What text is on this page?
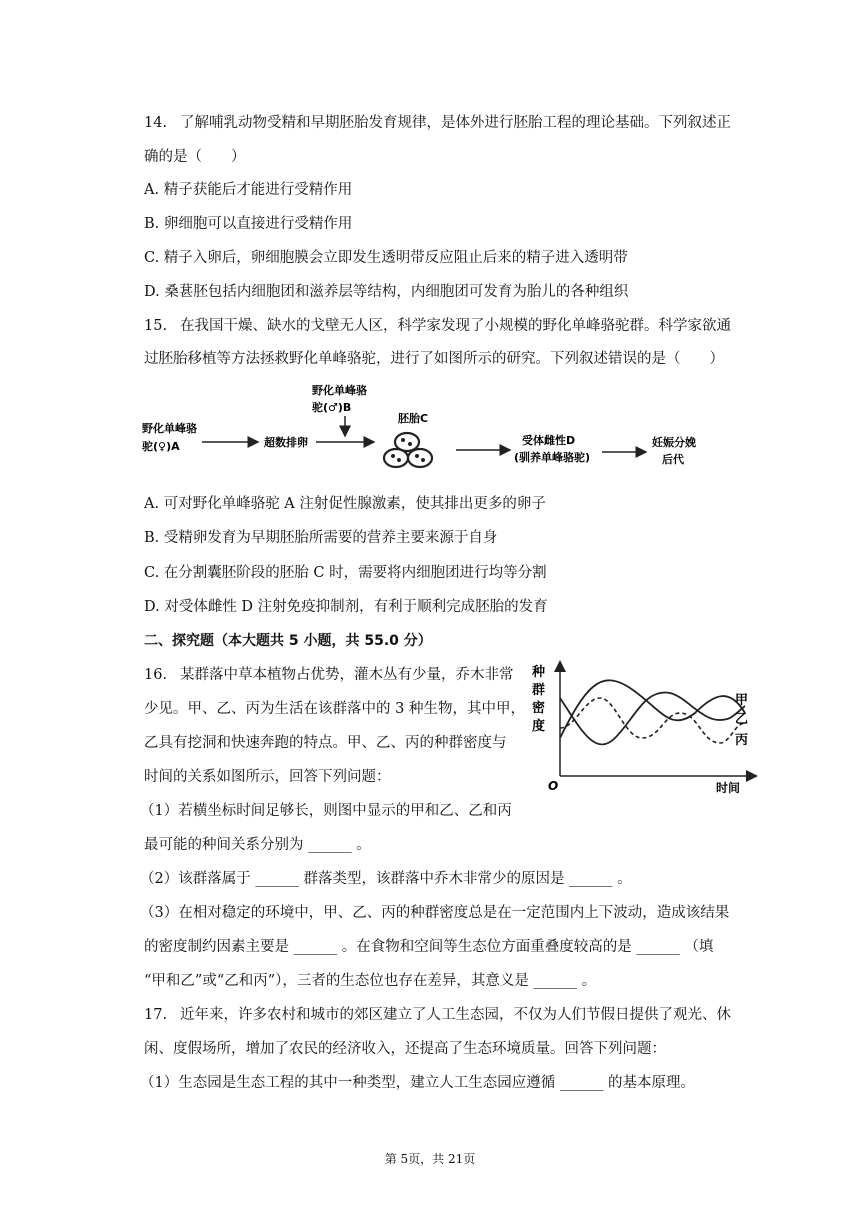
14. 了解哺乳动物受精和早期胚胎发育规律，是体外进行胚胎工程的理论基础。下列叙述正
确的是（　　）
A. 精子获能后才能进行受精作用
B. 卵细胞可以直接进行受精作用
C. 精子入卵后，卵细胞膜会立即发生透明带反应阻止后来的精子进入透明带
D. 桑葚胚包括内细胞团和滋养层等结构，内细胞团可发育为胎儿的各种组织
15. 在我国干燥、缺水的戈壁无人区，科学家发现了小规模的野化单峰骆驼群。科学家欲通
过胚胎移植等方法拯救野化单峰骆驼，进行了如图所示的研究。下列叙述错误的是（　　）
野化单峰骆
驼(♀)A	超数排卵
野化单峰骆
驼(♂)B
胚胎C
受体雌性D
(驯养单峰骆驼)
妊娠分娩
后代
A. 可对野化单峰骆驼 A 注射促性腺激素，使其排出更多的卵子
B. 受精卵发育为早期胚胎所需要的营养主要来源于自身
C. 在分割囊胚阶段的胚胎 C 时，需要将内细胞团进行均等分割
D. 对受体雌性 D 注射免疫抑制剂，有利于顺利完成胚胎的发育
二、探究题（本大题共 5 小题，共 55.0 分）
16. 某群落中草本植物占优势，灌木丛有少量，乔木非常
少见。甲、乙、丙为生活在该群落中的 3 种生物，其中甲，
乙具有挖洞和快速奔跑的特点。甲、乙、丙的种群密度与
时间的关系如图所示，回答下列问题：
（1）若横坐标时间足够长，则图中显示的甲和乙、乙和丙
最可能的种间关系分别为 ______ 。
（2）该群落属于 ______ 群落类型，该群落中乔木非常少的原因是 ______ 。
（3）在相对稳定的环境中，甲、乙、丙的种群密度总是在一定范围内上下波动，造成该结果
的密度制约因素主要是 ______ 。在食物和空间等生态位方面重叠度较高的是 ______ （填
“甲和乙”或“乙和丙”），三者的生态位也存在差异，其意义是 ______ 。
种
群
密
度
O	时间
甲
乙
丙
17. 近年来，许多农村和城市的郊区建立了人工生态园，不仅为人们节假日提供了观光、休
闲、度假场所，增加了农民的经济收入，还提高了生态环境质量。回答下列问题：
（1）生态园是生态工程的其中一种类型，建立人工生态园应遵循 ______ 的基本原理。
第 5页，共 21页
